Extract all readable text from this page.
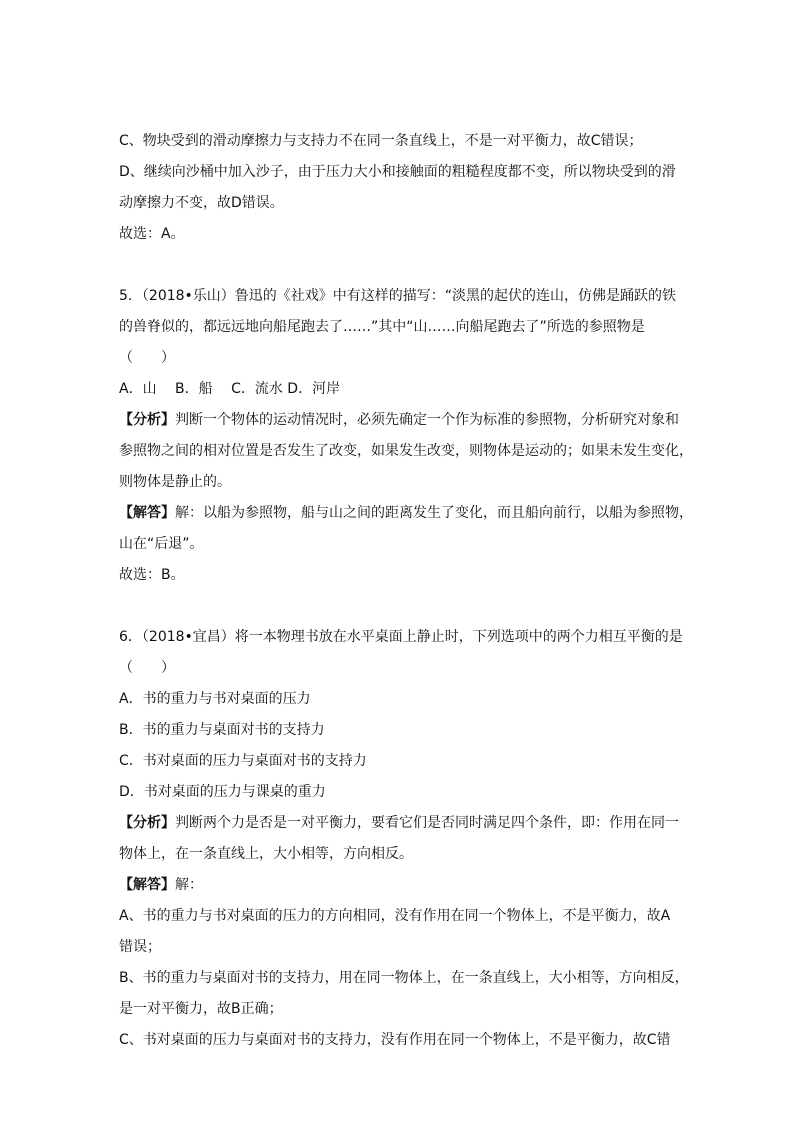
C、物块受到的滑动摩擦力与支持力不在同一条直线上，不是一对平衡力，故C错误；
D、继续向沙桶中加入沙子，由于压力大小和接触面的粗糙程度都不变，所以物块受到的滑
动摩擦力不变，故D错误。
故选：A。
5．（2018•乐山）鲁迅的《社戏》中有这样的描写：“淡黑的起伏的连山，仿佛是踊跃的铁
的兽脊似的，都远远地向船尾跑去了……”其中“山……向船尾跑去了”所选的参照物是
（　　）
A．山　 B．船　 C．流水 D．河岸
【分析】判断一个物体的运动情况时，必须先确定一个作为标准的参照物，分析研究对象和
参照物之间的相对位置是否发生了改变，如果发生改变，则物体是运动的；如果未发生变化，
则物体是静止的。
【解答】解：以船为参照物，船与山之间的距离发生了变化，而且船向前行，以船为参照物，
山在“后退”。
故选：B。
6．（2018•宜昌）将一本物理书放在水平桌面上静止时，下列选项中的两个力相互平衡的是
（　　）
A．书的重力与书对桌面的压力
B．书的重力与桌面对书的支持力
C．书对桌面的压力与桌面对书的支持力
D．书对桌面的压力与课桌的重力
【分析】判断两个力是否是一对平衡力，要看它们是否同时满足四个条件，即：作用在同一
物体上，在一条直线上，大小相等，方向相反。
【解答】解：
A、书的重力与书对桌面的压力的方向相同，没有作用在同一个物体上，不是平衡力，故A
错误；
B、书的重力与桌面对书的支持力，用在同一物体上，在一条直线上，大小相等，方向相反，
是一对平衡力，故B正确；
C、书对桌面的压力与桌面对书的支持力，没有作用在同一个物体上，不是平衡力，故C错
